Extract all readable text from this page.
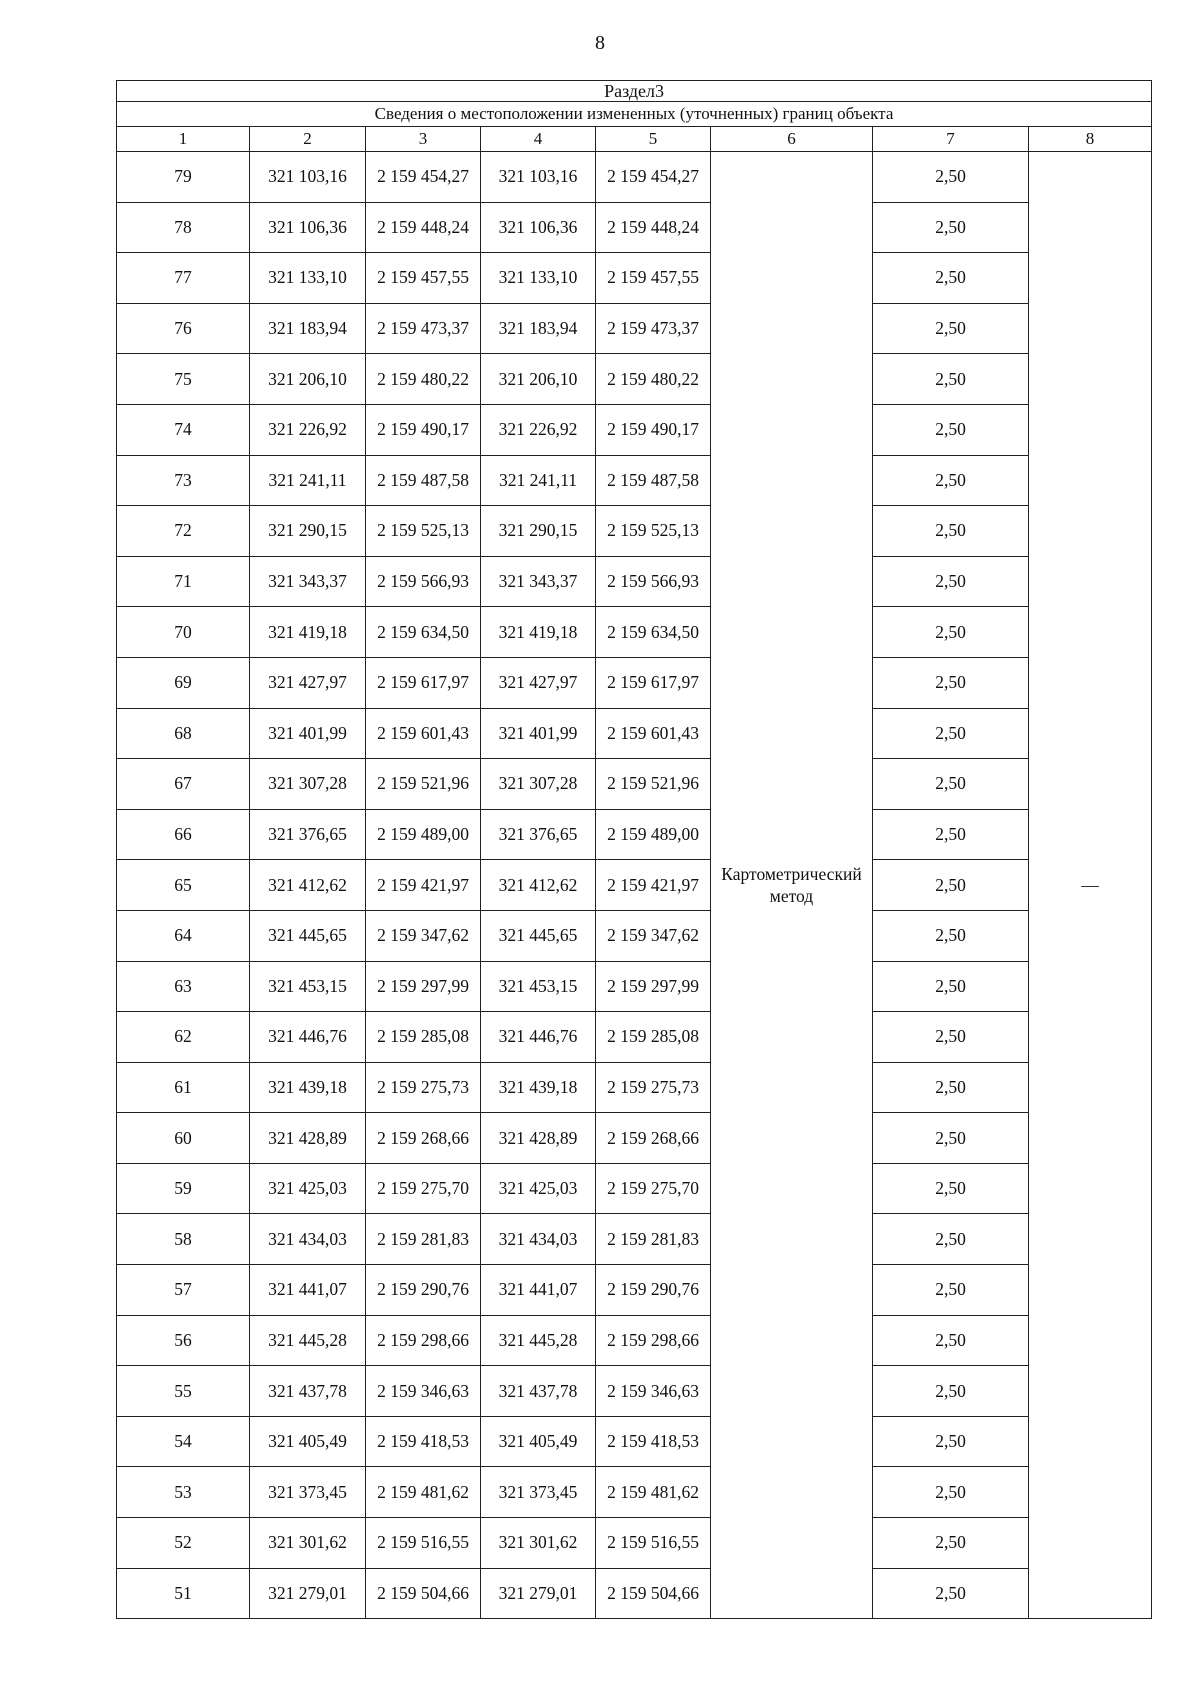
8
Раздел3							
Сведения о местоположении измененных (уточненных) границ объекта							
1	2	3	4	5	6	7	8
79	321 103,16	2 159 454,27	321 103,16	2 159 454,27	Картометрический метод	2,50	—
78	321 106,36	2 159 448,24	321 106,36	2 159 448,24		2,50	
77	321 133,10	2 159 457,55	321 133,10	2 159 457,55		2,50	
76	321 183,94	2 159 473,37	321 183,94	2 159 473,37		2,50	
75	321 206,10	2 159 480,22	321 206,10	2 159 480,22		2,50	
74	321 226,92	2 159 490,17	321 226,92	2 159 490,17		2,50	
73	321 241,11	2 159 487,58	321 241,11	2 159 487,58		2,50	
72	321 290,15	2 159 525,13	321 290,15	2 159 525,13		2,50	
71	321 343,37	2 159 566,93	321 343,37	2 159 566,93		2,50	
70	321 419,18	2 159 634,50	321 419,18	2 159 634,50		2,50	
69	321 427,97	2 159 617,97	321 427,97	2 159 617,97		2,50	
68	321 401,99	2 159 601,43	321 401,99	2 159 601,43		2,50	
67	321 307,28	2 159 521,96	321 307,28	2 159 521,96		2,50	
66	321 376,65	2 159 489,00	321 376,65	2 159 489,00		2,50	
65	321 412,62	2 159 421,97	321 412,62	2 159 421,97		2,50	
64	321 445,65	2 159 347,62	321 445,65	2 159 347,62		2,50	
63	321 453,15	2 159 297,99	321 453,15	2 159 297,99		2,50	
62	321 446,76	2 159 285,08	321 446,76	2 159 285,08		2,50	
61	321 439,18	2 159 275,73	321 439,18	2 159 275,73		2,50	
60	321 428,89	2 159 268,66	321 428,89	2 159 268,66		2,50	
59	321 425,03	2 159 275,70	321 425,03	2 159 275,70		2,50	
58	321 434,03	2 159 281,83	321 434,03	2 159 281,83		2,50	
57	321 441,07	2 159 290,76	321 441,07	2 159 290,76		2,50	
56	321 445,28	2 159 298,66	321 445,28	2 159 298,66		2,50	
55	321 437,78	2 159 346,63	321 437,78	2 159 346,63		2,50	
54	321 405,49	2 159 418,53	321 405,49	2 159 418,53		2,50	
53	321 373,45	2 159 481,62	321 373,45	2 159 481,62		2,50	
52	321 301,62	2 159 516,55	321 301,62	2 159 516,55		2,50	
51	321 279,01	2 159 504,66	321 279,01	2 159 504,66		2,50	
